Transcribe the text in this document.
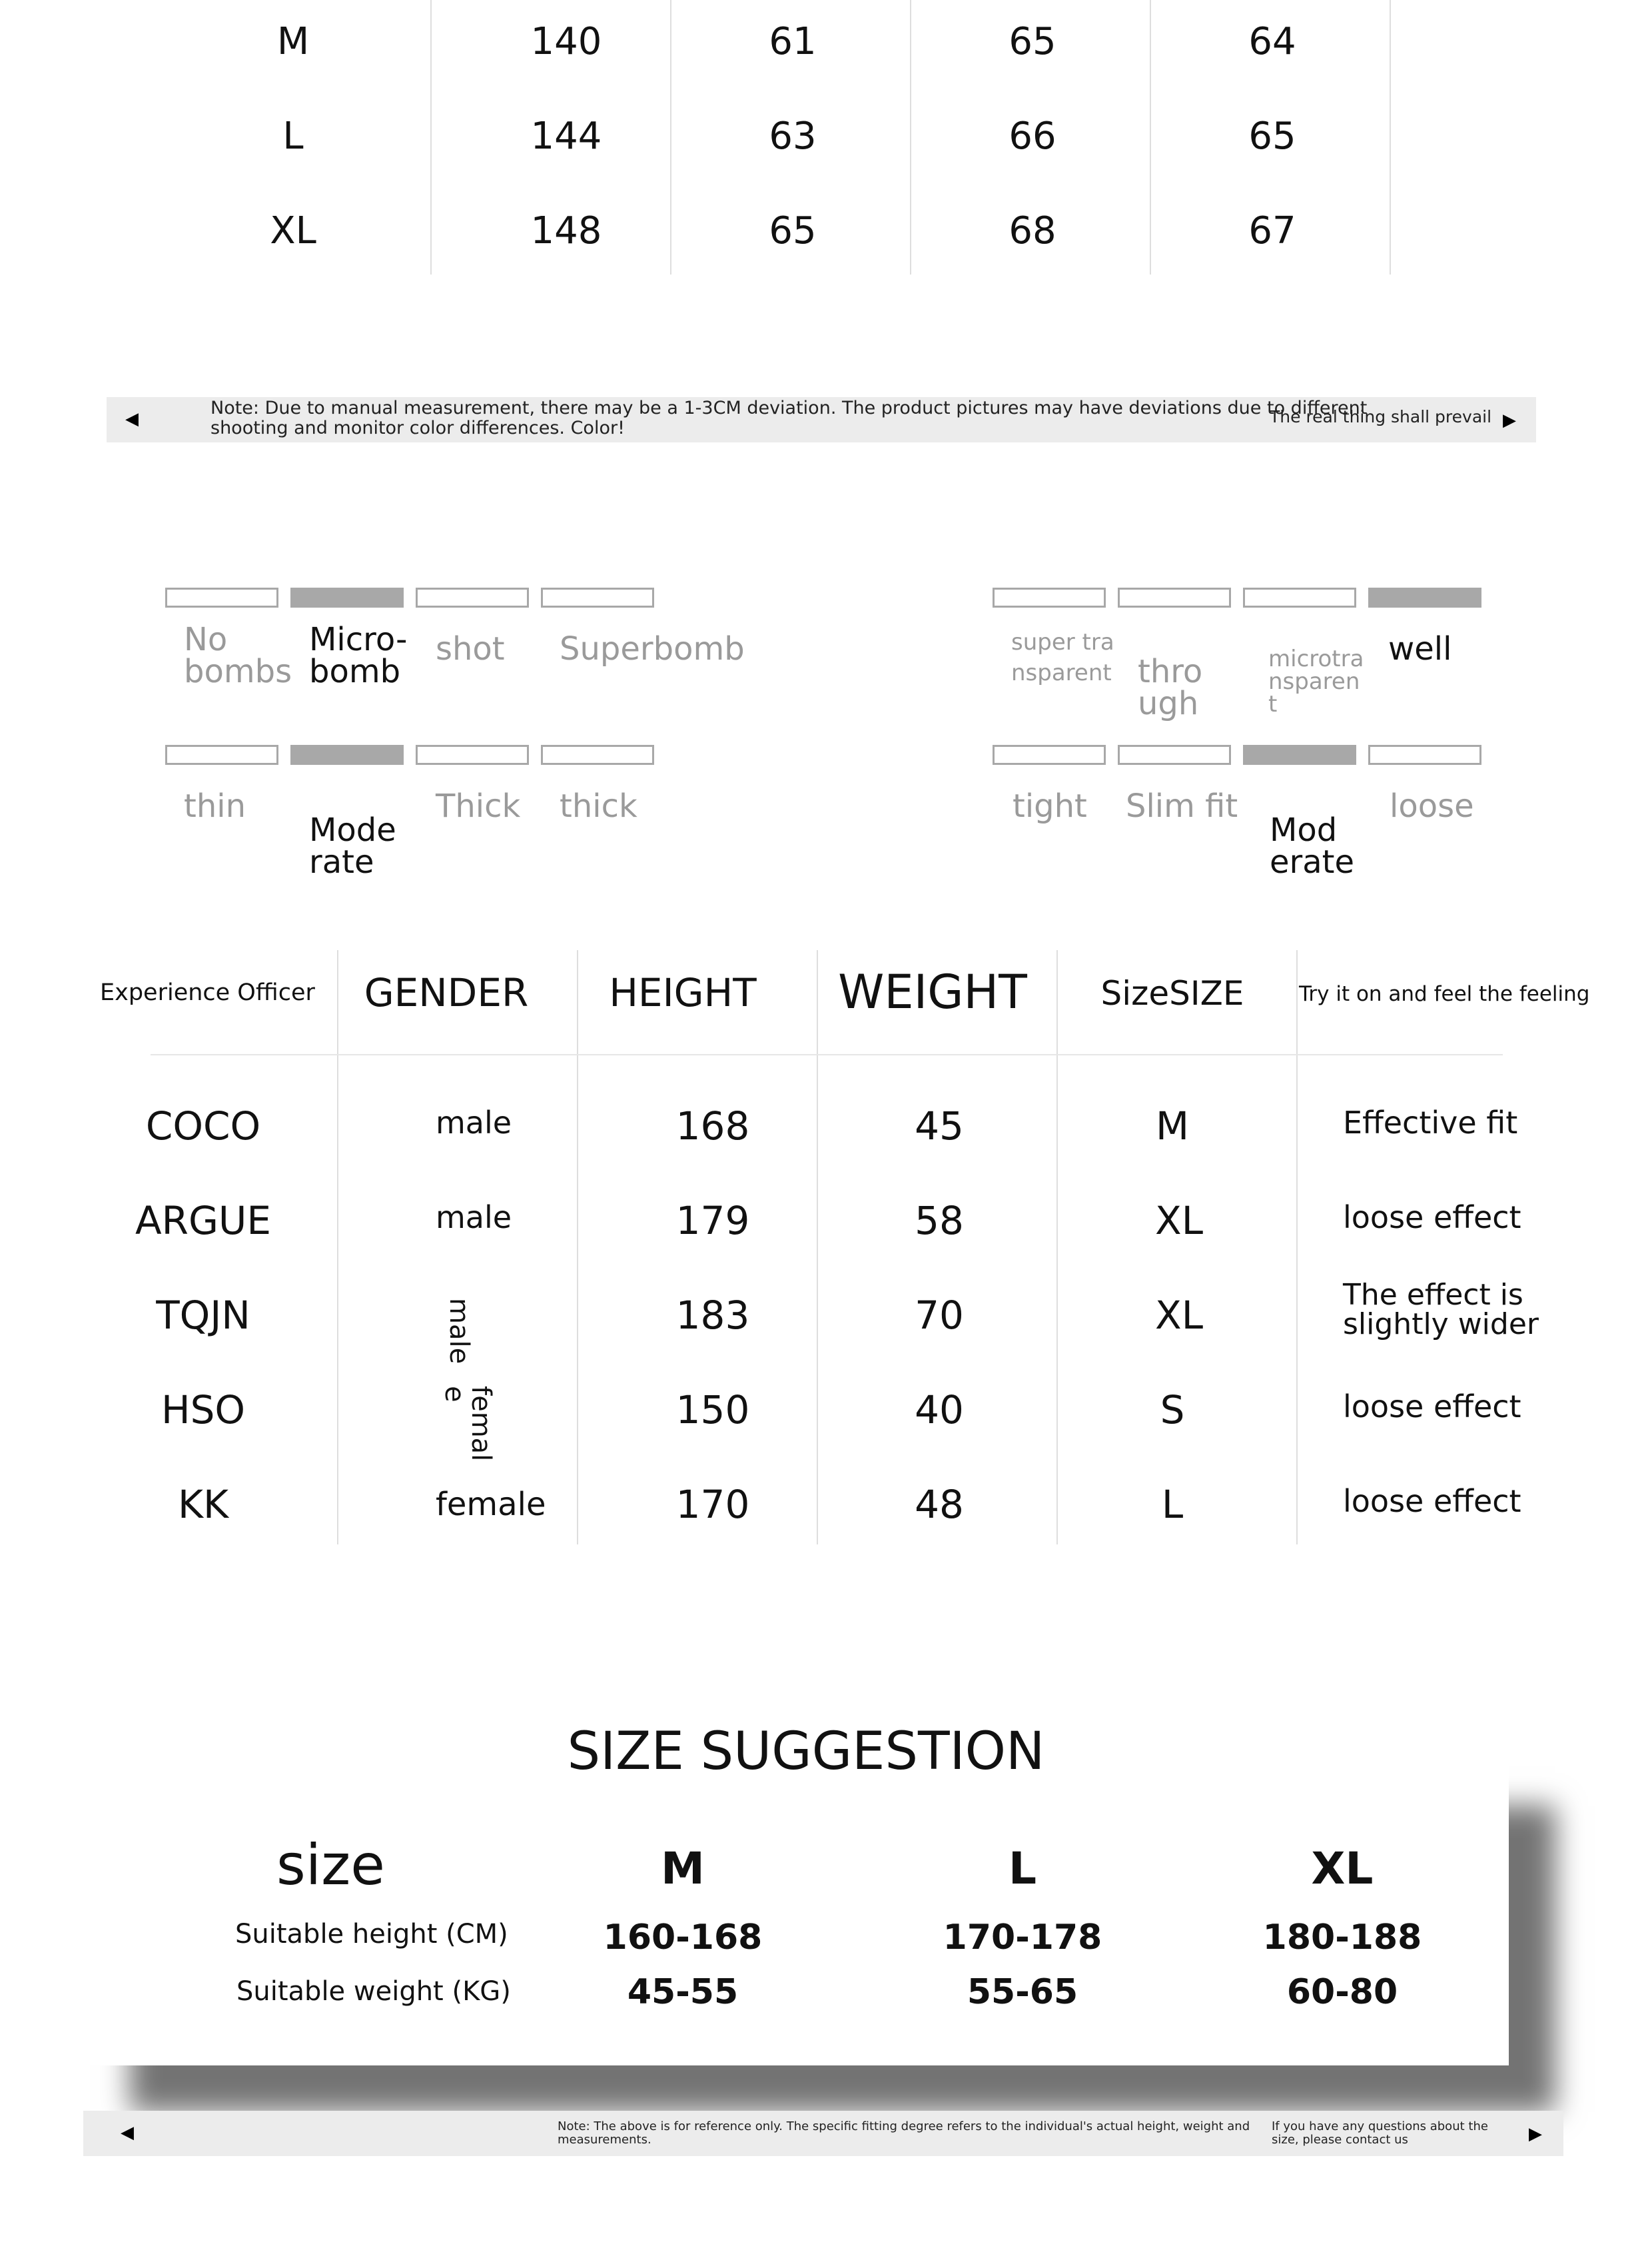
M	140	61	65	64
L	144	63	66	65
XL	148	65	68	67
◀
Note: Due to manual measurement, there may be a 1-3CM deviation. The product pictures may have deviations due to different shooting and monitor color differences. Color!
The real thing shall prevail ▶
No bombs
Micro-bomb
shot Superbomb	super transparent through
microtransparent
well
thin
Moderate
Thick thick	tight Slim fit
Moderate
loose
Experience Officer	GENDER	HEIGHT	WEIGHT	SizeSIZE	Try it on and feel the feeling
COCO	male	168	45	M	Effective fit
ARGUE	male	179	58	XL	loose effect
TQJN	male	183	70	XL	The effect is slightly wider
HSO	female	150	40	S	loose effect
KK	female	170	48	L	loose effect
SIZE SUGGESTION
size	M	L	XL
Suitable height (CM)	160-168	170-178	180-188
Suitable weight (KG)	45-55	55-65	60-80
◀	Note: The above is for reference only. The specific fitting degree refers to the individual's actual height, weight and measurements.
If you have any questions about the size, please contact us	▶
